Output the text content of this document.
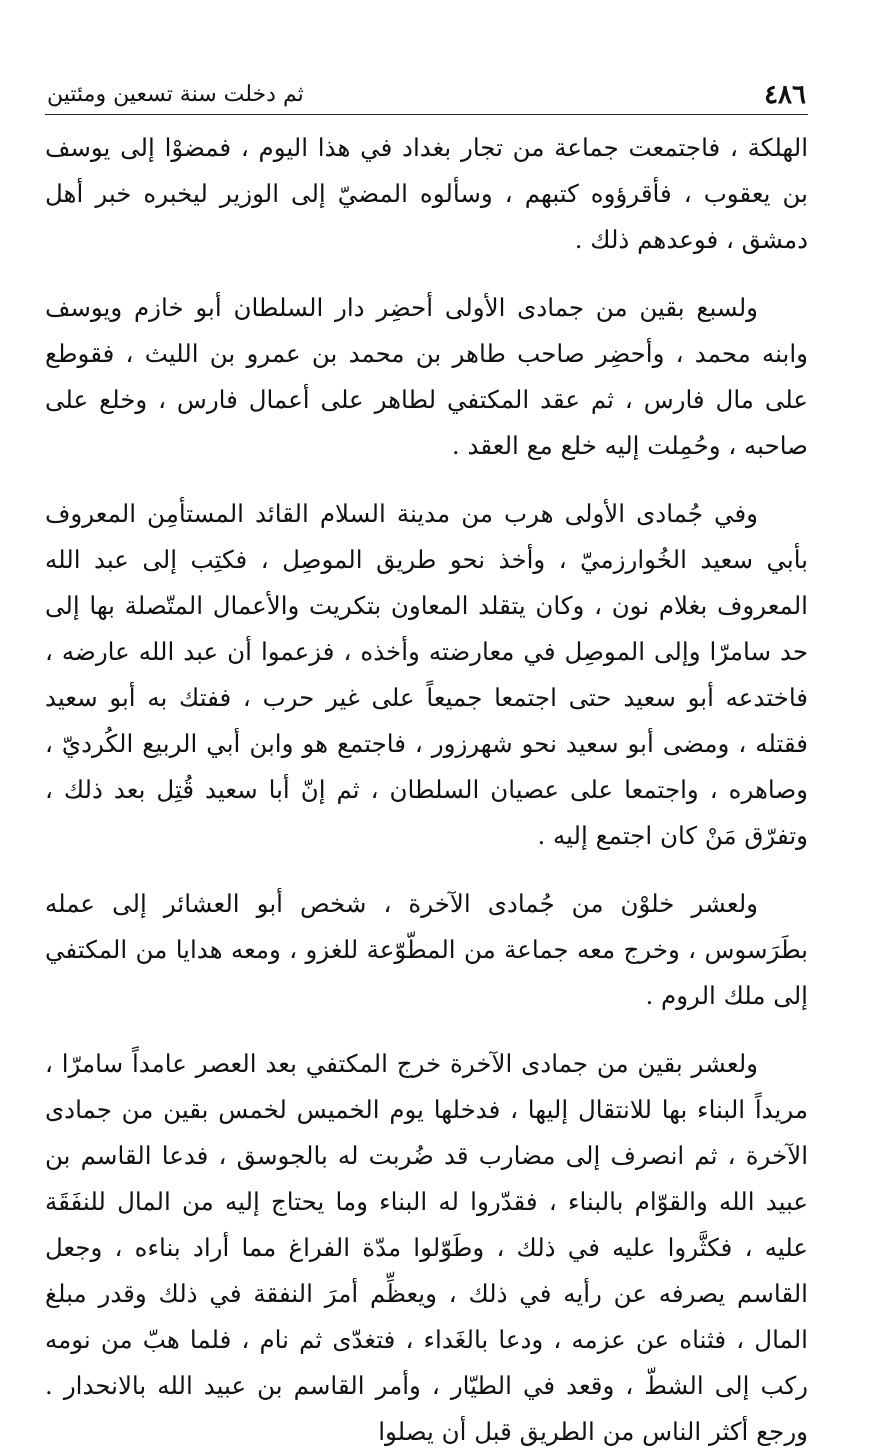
٤٨٦
ثم دخلت سنة تسعين ومئتين

الهلكة ، فاجتمعت جماعة من تجار بغداد في هذا اليوم ، فمضوْا إلى يوسف بن يعقوب ، فأقرؤوه كتبهم ، وسألوه المضيّ إلى الوزير ليخبره خبر أهل دمشق ، فوعدهم ذلك .

ولسبع بقين من جمادى الأولى أحضِر دار السلطان أبو خازم ويوسف وابنه محمد ، وأحضِر صاحب طاهر بن محمد بن عمرو بن الليث ، فقوطع على مال فارس ، ثم عقد المكتفي لطاهر على أعمال فارس ، وخلع على صاحبه ، وحُمِلت إليه خلع مع العقد .

وفي جُمادى الأولى هرب من مدينة السلام القائد المستأمِن المعروف بأبي سعيد الخُوارزميّ ، وأخذ نحو طريق الموصِل ، فكتِب إلى عبد الله المعروف بغلام نون ، وكان يتقلد المعاون بتكريت والأعمال المتّصلة بها إلى حد سامرّا وإلى الموصِل في معارضته وأخذه ، فزعموا أن عبد الله عارضه ، فاختدعه أبو سعيد حتى اجتمعا جميعاً على غير حرب ، ففتك به أبو سعيد فقتله ، ومضى أبو سعيد نحو شهرزور ، فاجتمع هو وابن أبي الربيع الكُرديّ ، وصاهره ، واجتمعا على عصيان السلطان ، ثم إنّ أبا سعيد قُتِل بعد ذلك ، وتفرّق مَنْ كان اجتمع إليه .

ولعشر خلوْن من جُمادى الآخرة ، شخص أبو العشائر إلى عمله بطَرَسوس ، وخرج معه جماعة من المطّوّعة للغزو ، ومعه هدايا من المكتفي إلى ملك الروم .

ولعشر بقين من جمادى الآخرة خرج المكتفي بعد العصر عامداً سامرّا ، مريداً البناء بها للانتقال إليها ، فدخلها يوم الخميس لخمس بقين من جمادى الآخرة ، ثم انصرف إلى مضارب قد ضُربت له بالجوسق ، فدعا القاسم بن عبيد الله والقوّام بالبناء ، فقدّروا له البناء وما يحتاج إليه من المال للنفَقَة عليه ، فكثَّروا عليه في ذلك ، وطَوّلوا مدّة الفراغ مما أراد بناءه ، وجعل القاسم يصرفه عن رأيه في ذلك ، ويعظِّم أمرَ النفقة في ذلك وقدر مبلغ المال ، فثناه عن عزمه ، ودعا بالغَداء ، فتغدّى ثم نام ، فلما هبّ من نومه ركب إلى الشطّ ، وقعد في الطيّار ، وأمر القاسم بن عبيد الله بالانحدار . ورجع أكثر الناس من الطريق قبل أن يصلوا
